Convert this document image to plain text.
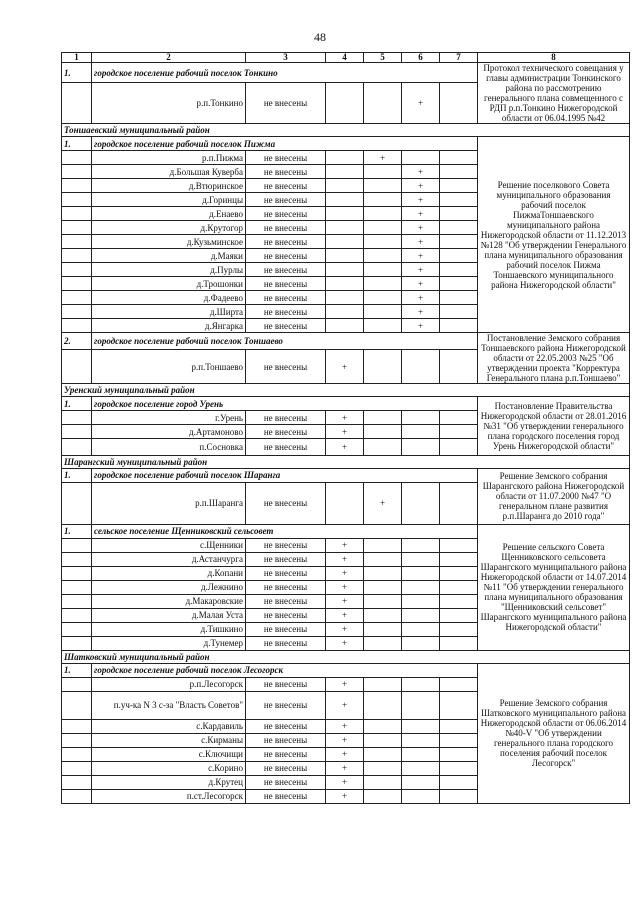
48
1	2	3	4	5	6	7	8
1.	городское поселение рабочий поселок Тонкино						Протокол технического совещания у главы администрации Тонкинского района по рассмотрению генерального плана совмещенного с РДП р.п.Тонкино Нижегородской области от 06.04.1995 №42
	р.п.Тонкино	не внесены			+		
Тоншаевский муниципальный район							
1.	городское поселение рабочий поселок Пижма						Решение поселкового Совета муниципального образования рабочий поселок ПижмаТоншаевского муниципального района Нижегородской области от 11.12.2013 №128 "Об утверждении Генерального плана муниципального образования рабочий поселок Пижма Тоншаевского муниципального района Нижегородской области"
	р.п.Пижма	не внесены		+			
	д.Большая Куверба	не внесены			+		
	д.Втюринское	не внесены			+		
	д.Горинцы	не внесены			+		
	д.Енаево	не внесены			+		
	д.Крутогор	не внесены			+		
	д.Кузьминское	не внесены			+		
	д.Маяки	не внесены			+		
	д.Пурлы	не внесены			+		
	д.Трошонки	не внесены			+		
	д.Фадеево	не внесены			+		
	д.Ширта	не внесены			+		
	д.Янгарка	не внесены			+		
2.	городское поселение рабочий поселок Тоншаево						Постановление Земского собрания Тоншаевского района Нижегородской области от 22.05.2003 №25 "Об утверждении проекта "Корректура Генерального плана р.п.Тоншаево"
	р.п.Тоншаево	не внесены	+				
Уренский муниципальный район							
1.	городское поселение город Урень						Постановление Правительства Нижегородской области от 28.01.2016 №31 "Об утверждении генерального плана городского поселения город Урень Нижегородской области"
	г.Урень	не внесены	+				
	д.Артамоново	не внесены	+				
	п.Сосновка	не внесены	+				
Шарангский муниципальный район							
1.	городское поселение рабочий поселок Шаранга						Решение Земского собрания Шарангского района Нижегородской области от 11.07.2000 №47 "О генеральном плане развития р.п.Шаранга до 2010 года"
	р.п.Шаранга	не внесены		+			
1.	сельское поселение Щенниковский сельсовет						Решение сельского Совета Щенниковского сельсовета Шарангского муниципального района Нижегородской области от 14.07.2014 №11 "Об утверждении генерального плана муниципального образования "Щенниковский сельсовет" Шарангского муниципального района Нижегородской области"
	с.Щенники	не внесены	+				
	д.Астанчурга	не внесены	+				
	д.Копани	не внесены	+				
	д.Лежнино	не внесены	+				
	д.Макаровские	не внесены	+				
	д.Малая Уста	не внесены	+				
	д.Тишкино	не внесены	+				
	д.Тунемер	не внесены	+				
Шатковский муниципальный район							
1.	городское поселение рабочий поселок Лесогорск						Решение Земского собрания Шатковского муниципального района Нижегородской области от 06.06.2014 №40-V "Об утверждении генерального плана городского поселения рабочий поселок Лесогорск"
	р.п.Лесогорск	не внесены	+				
	п.уч-ка N 3 с-за "Власть Советов"	не внесены	+				
	с.Кардавиль	не внесены	+				
	с.Кирманы	не внесены	+				
	с.Ключищи	не внесены	+				
	с.Корино	не внесены	+				
	д.Крутец	не внесены	+				
	п.ст.Лесогорск	не внесены	+				
